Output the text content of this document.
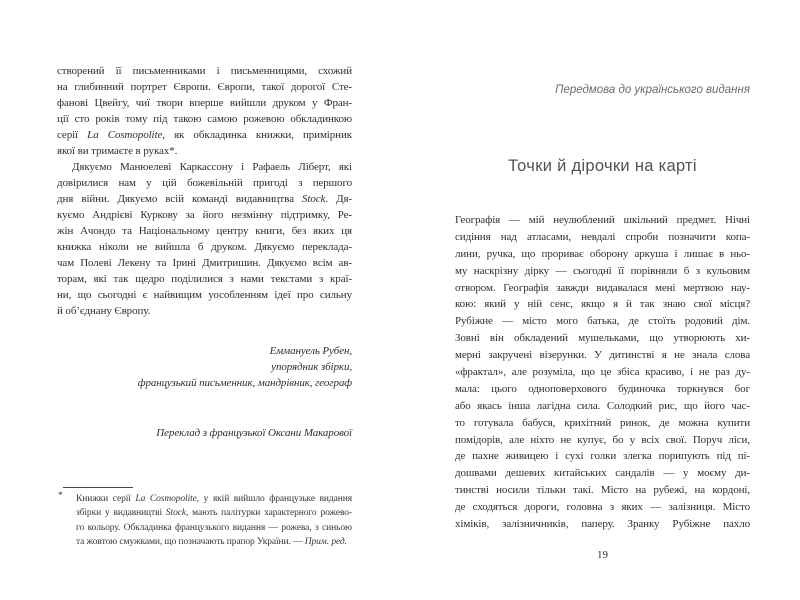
створений її письменниками і письменницями, схожий
на глибинний портрет Європи. Європи, такої дорогої Сте-
фанові Цвейгу, чиї твори вперше вийшли друком у Фран-
ції сто років тому під такою самою рожевою обкладинкою
серії La Cosmopolite, як обкладинка книжки, примірник
якої ви тримаєте в руках*.
Дякуємо Манюелеві Каркассону і Рафаель Ліберт, які
довірилися нам у цій божевільній пригоді з першого
дня війни. Дякуємо всій команді видавництва Stock. Дя-
куємо Андрієві Куркову за його незмінну підтримку, Ре-
жін Ачондо та Національному центру книги, без яких ця
книжка ніколи не вийшла б друком. Дякуємо переклада-
чам Полеві Лекену та Ірині Дмитришин. Дякуємо всім ав-
торам, які так щедро поділилися з нами текстами з краї-
ни, що сьогодні є найвищим уособленням ідеї про сильну
й об’єднану Європу.
Еммануель Рубен,
упорядник збірки,
французький письменник, мандрівник, географ
Переклад з французької Оксани Макарової
* Книжки серії La Cosmopolite, у якій вийшло французьке видання
збірки у видавництві Stock, мають палітурки характерного рожево-
го кольору. Обкладинка французького видання — рожева, з синьою
та жовтою смужками, що позначають прапор України. — Прим. ред.
Передмова до українського видання
Точки й дірочки на карті
Географія — мій неулюблений шкільний предмет. Нічні
сидіння над атласами, невдалі спроби позначити копа-
лини, ручка, що прориває оборону аркуша і лишає в ньо-
му наскрізну дірку — сьогодні її порівняли б з кульовим
отвором. Географія завжди видавалася мені мертвою нау-
кою: який у ній сенс, якщо я й так знаю свої місця?
Рубіжне — місто мого батька, де стоїть родовий дім.
Зовні він обкладений мушельками, що утворюють хи-
мерні закручені візерунки. У дитинстві я не знала слова
«фрактал», але розуміла, що це збіса красиво, і не раз ду-
мала: цього одноповерхового будиночка торкнувся бог
або якась інша лагідна сила. Солодкий рис, що його час-
то готувала бабуся, крихітний ринок, де можна купити
помідорів, але ніхто не купує, бо у всіх свої. Поруч ліси,
де пахне живицею і сухі голки злегка порипують під пі-
дошвами дешевих китайських сандалів — у моєму ди-
тинстві носили тільки такі. Місто на рубежі, на кордоні,
де сходяться дороги, головна з яких — залізниця. Місто
хіміків, залізничників, паперу. Зранку Рубіжне пахло
19
